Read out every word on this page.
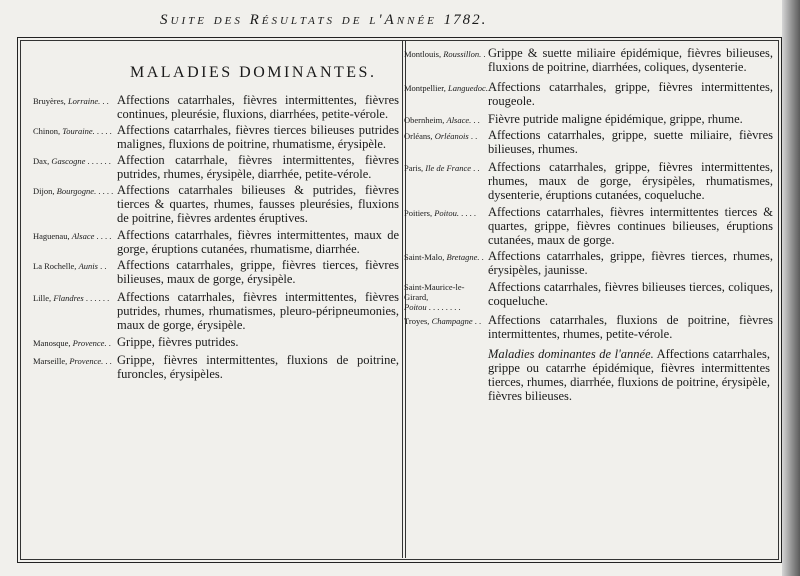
Suite des Résultats de l'Année 1782.
MALADIES DOMINANTES.
Bruyères, Lorraine. . . Affections catarrhales, fièvres intermittentes, fièvres continues, pleurésie, fluxions, diarrhées, petite-vérole.
Chinon, Touraine. . . . . Affections catarrhales, fièvres tierces bilieuses putrides malignes, fluxions de poitrine, rhumatisme, érysipèle.
Dax, Gascogne . . . . . . Affection catarrhale, fièvres intermittentes, fièvres putrides, rhumes, érysipèle, diarrhée, petite-vérole.
Dijon, Bourgogne. . . . . Affections catarrhales bilieuses & putrides, fièvres tierces & quartes, rhumes, fausses pleurésies, fluxions de poitrine, fièvres ardentes éruptives.
Haguenau, Alsace . . . . Affections catarrhales, fièvres intermittentes, maux de gorge, éruptions cutanées, rhumatisme, diarrhée.
La Rochelle, Aunis . . Affections catarrhales, grippe, fièvres tierces, fièvres bilieuses, maux de gorge, érysipèle.
Lille, Flandres . . . . . . Affections catarrhales, fièvres intermittentes, fièvres putrides, rhumes, rhumatismes, pleuro-péripneumonies, maux de gorge, érysipèle.
Manosque, Provence. . Grippe, fièvres putrides.
Marseille, Provence. . . Grippe, fièvres intermittentes, fluxions de poitrine, furoncles, érysipèles.
Montlouis, Roussillon. . Grippe & suette miliaire épidémique, fièvres bilieuses, fluxions de poitrine, diarrhées, coliques, dysenterie.
Montpellier, Languedoc. Affections catarrhales, grippe, fièvres intermittentes, rougeole.
Obernheim, Alsace. . . Fièvre putride maligne épidémique, grippe, rhume.
Orléans, Orléanois . . Affections catarrhales, grippe, suette miliaire, fièvres bilieuses, rhumes.
Paris, Ile de France . . Affections catarrhales, grippe, fièvres intermittentes, rhumes, maux de gorge, érysipèles, rhumatismes, dysenterie, éruptions cutanées, coqueluche.
Poitiers, Poitou. . . . . Affections catarrhales, fièvres intermittentes tierces & quartes, grippe, fièvres continues bilieuses, éruptions cutanées, maux de gorge.
Saint-Malo, Bretagne. . Affections catarrhales, grippe, fièvres tierces, rhumes, érysipèles, jaunisse.
Saint-Maurice-le-Girard,
Poitou . . . . . . . .
Affections catarrhales, fièvres bilieuses tierces, coliques, coqueluche.
Troyes, Champagne . . Affections catarrhales, fluxions de poitrine, fièvres intermittentes, rhumes, petite-vérole.
Maladies dominantes de l'année. Affections catarrhales, grippe ou catarrhe épidémique, fièvres intermittentes tierces, rhumes, diarrhée, fluxions de poitrine, érysipèle, fièvres bilieuses.
